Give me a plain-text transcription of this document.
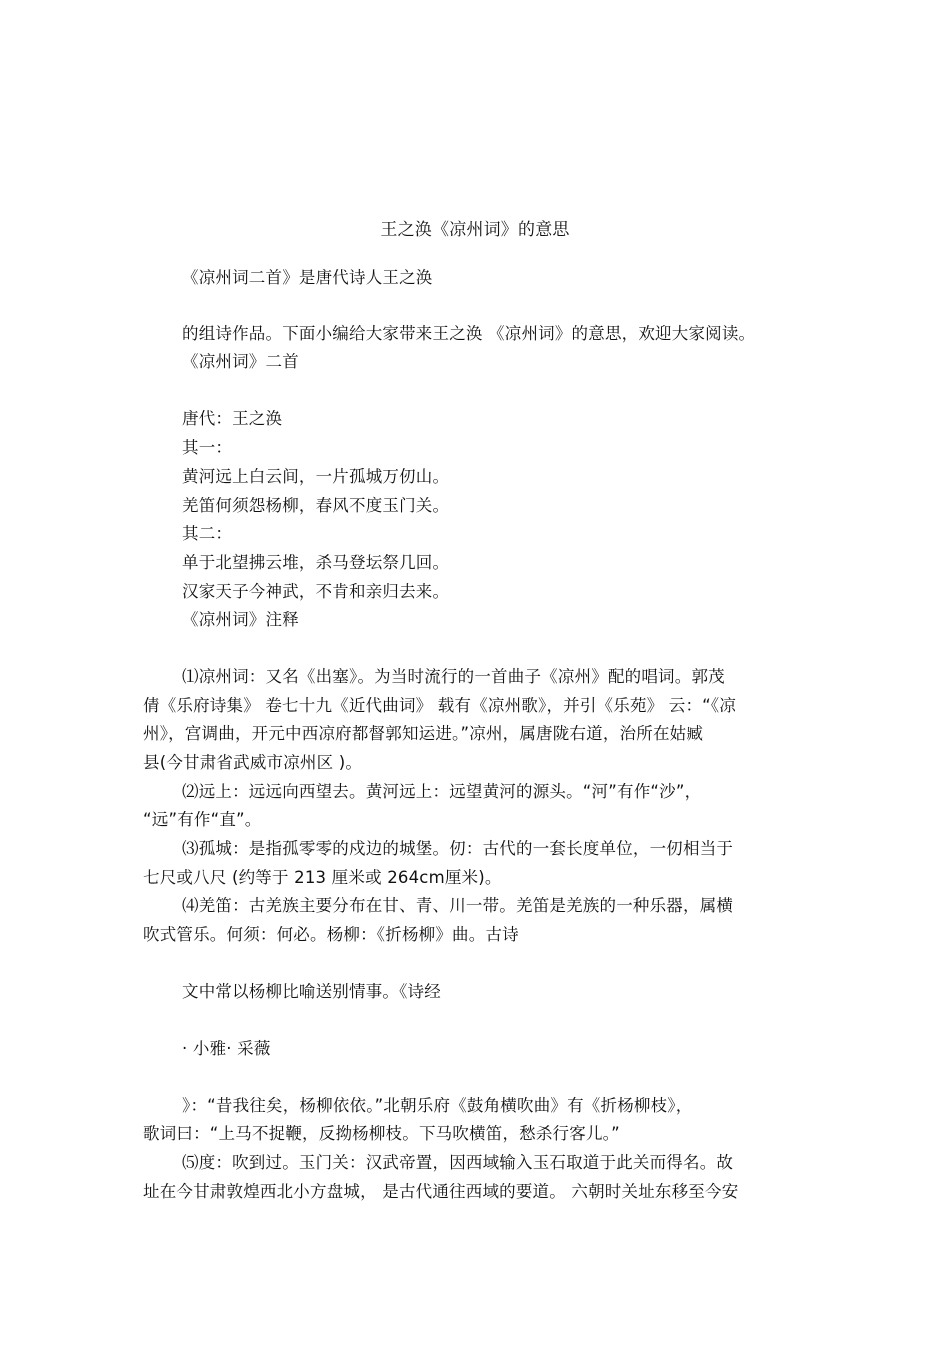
王之涣《凉州词》的意思

《凉州词二首》是唐代诗人王之涣

的组诗作品。下面小编给大家带来王之涣 《凉州词》的意思，欢迎大家阅读。

《凉州词》二首

唐代：王之涣

其一：

黄河远上白云间，一片孤城万仞山。

羌笛何须怨杨柳，春风不度玉门关。

其二：

单于北望拂云堆，杀马登坛祭几回。

汉家天子今神武，不肯和亲归去来。

《凉州词》注释

⑴凉州词：又名《出塞》。为当时流行的一首曲子《凉州》配的唱词。郭茂

倩《乐府诗集》 卷七十九《近代曲词》 载有《凉州歌》，并引《乐苑》 云：“《凉

州》，宫调曲，开元中西凉府都督郭知运进。”凉州，属唐陇右道，治所在姑臧

县(今甘肃省武威市凉州区 )。

⑵远上：远远向西望去。黄河远上：远望黄河的源头。“河”有作“沙”，

“远”有作“直”。

⑶孤城：是指孤零零的戍边的城堡。仞：古代的一套长度单位，一仞相当于

七尺或八尺 (约等于 213 厘米或 264cm厘米)。

⑷羌笛：古羌族主要分布在甘、青、川一带。羌笛是羌族的一种乐器，属横

吹式管乐。何须：何必。杨柳：《折杨柳》曲。古诗

文中常以杨柳比喻送别情事。《诗经

· 小雅· 采薇

》：“昔我往矣，杨柳依依。”北朝乐府《鼓角横吹曲》有《折杨柳枝》，

歌词曰：“上马不捉鞭，反拗杨柳枝。下马吹横笛，愁杀行客儿。”

⑸度：吹到过。玉门关：汉武帝置，因西域输入玉石取道于此关而得名。故

址在今甘肃敦煌西北小方盘城， 是古代通往西域的要道。 六朝时关址东移至今安
